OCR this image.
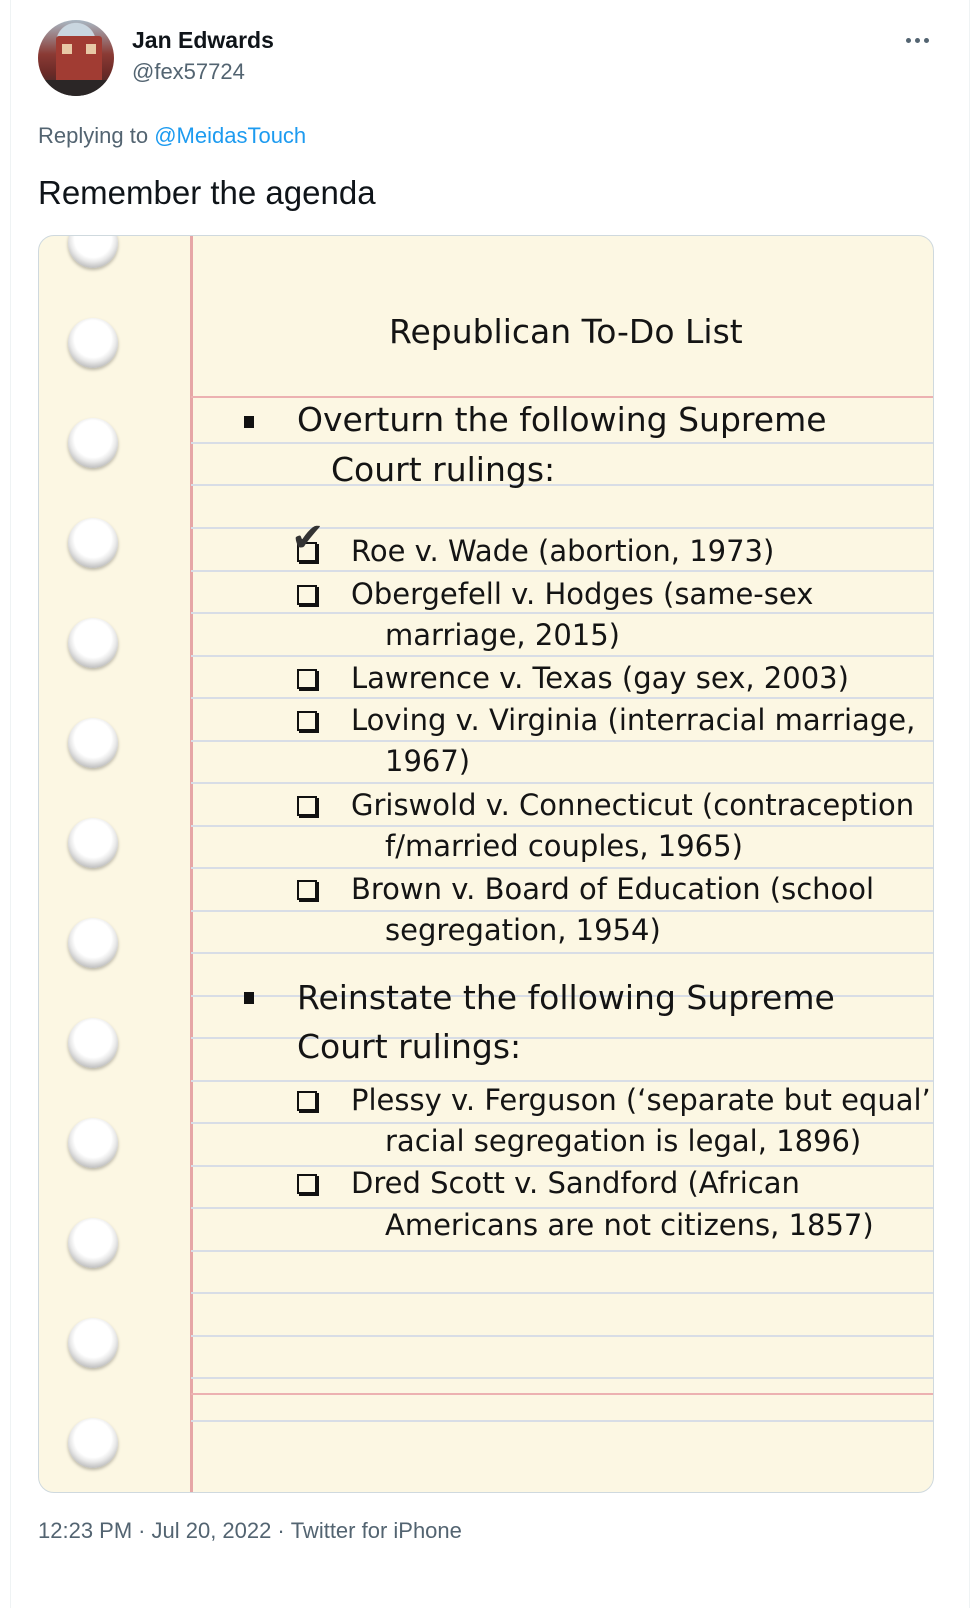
Jan Edwards
@fex57724
Replying to @MeidasTouch
Remember the agenda
Republican To-Do List
Overturn the following Supreme
Court rulings:
✔ Roe v. Wade (abortion, 1973)
Obergefell v. Hodges (same-sex
marriage, 2015)
Lawrence v. Texas (gay sex, 2003)
Loving v. Virginia (interracial marriage,
1967)
Griswold v. Connecticut (contraception
f/married couples, 1965)
Brown v. Board of Education (school
segregation, 1954)
Reinstate the following Supreme
Court rulings:
Plessy v. Ferguson (‘separate but equal’
racial segregation is legal, 1896)
Dred Scott v. Sandford (African
Americans are not citizens, 1857)
12:23 PM · Jul 20, 2022 · Twitter for iPhone
